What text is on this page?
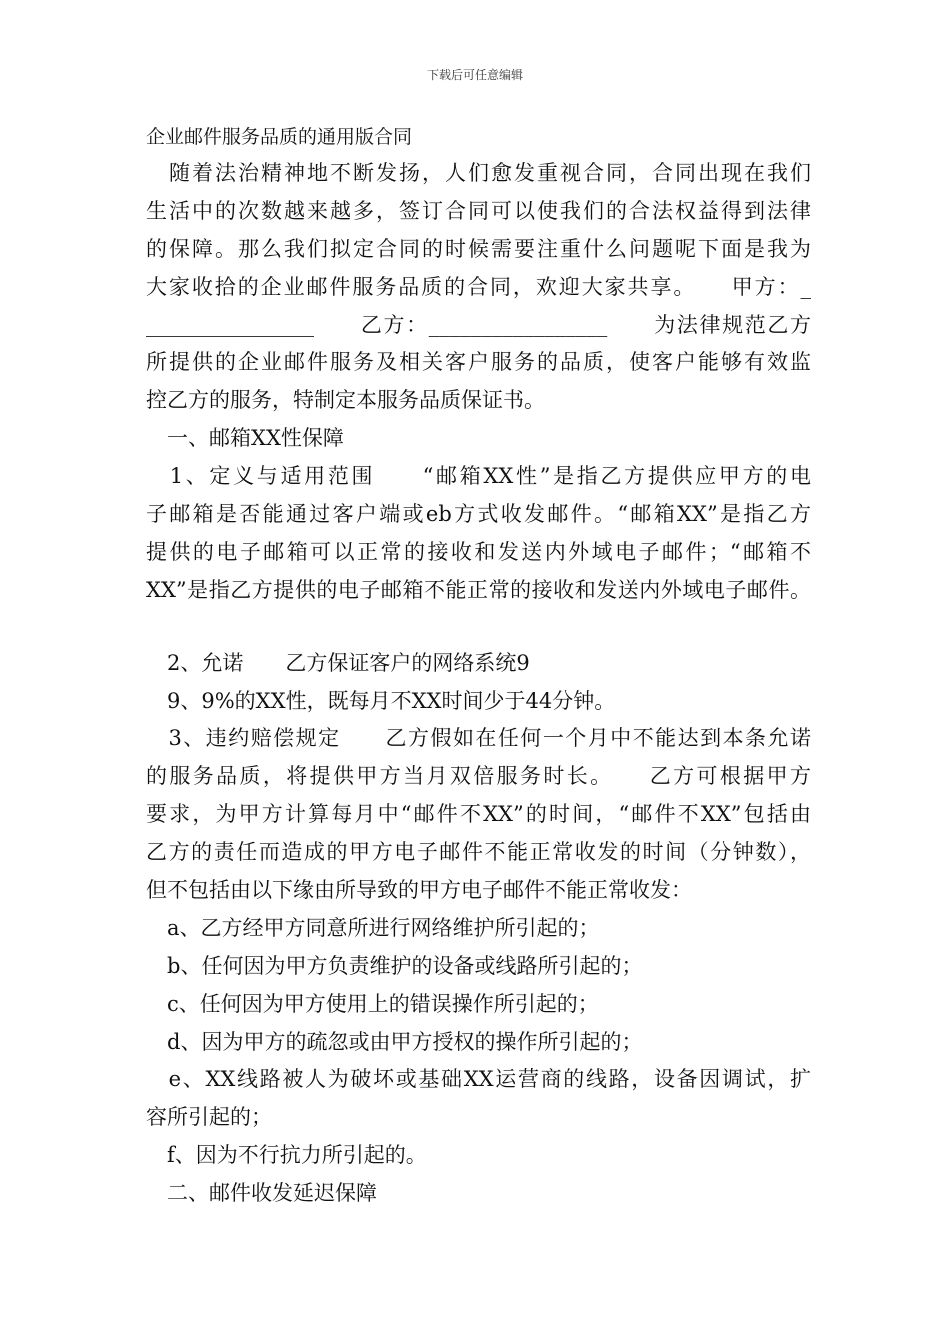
下载后可任意编辑
企业邮件服务品质的通用版合同
　随着法治精神地不断发扬，人们愈发重视合同，合同出现在我们
生活中的次数越来越多，签订合同可以使我们的合法权益得到法律
的保障。那么我们拟定合同的时候需要注重什么问题呢下面是我为
大家收拾的企业邮件服务品质的合同，欢迎大家共享。　　甲方：_
________________　　乙方：_________________　　为法律规范乙方
所提供的企业邮件服务及相关客户服务的品质，使客户能够有效监
控乙方的服务，特制定本服务品质保证书。
　一、邮箱XX性保障
　1、定义与适用范围　　“邮箱XX性”是指乙方提供应甲方的电
子邮箱是否能通过客户端或eb方式收发邮件。“邮箱XX”是指乙方
提供的电子邮箱可以正常的接收和发送内外域电子邮件；“邮箱不
XX”是指乙方提供的电子邮箱不能正常的接收和发送内外域电子邮件。
　2、允诺　　乙方保证客户的网络系统9
　9、9%的XX性，既每月不XX时间少于44分钟。
　3、违约赔偿规定　　乙方假如在任何一个月中不能达到本条允诺
的服务品质，将提供甲方当月双倍服务时长。　　乙方可根据甲方
要求，为甲方计算每月中“邮件不XX”的时间，“邮件不XX”包括由
乙方的责任而造成的甲方电子邮件不能正常收发的时间（分钟数），
但不包括由以下缘由所导致的甲方电子邮件不能正常收发：
　a、乙方经甲方同意所进行网络维护所引起的；
　b、任何因为甲方负责维护的设备或线路所引起的；
　c、任何因为甲方使用上的错误操作所引起的；
　d、因为甲方的疏忽或由甲方授权的操作所引起的；
　e、XX线路被人为破坏或基础XX运营商的线路，设备因调试，扩
容所引起的；
　f、因为不行抗力所引起的。
　二、邮件收发延迟保障
